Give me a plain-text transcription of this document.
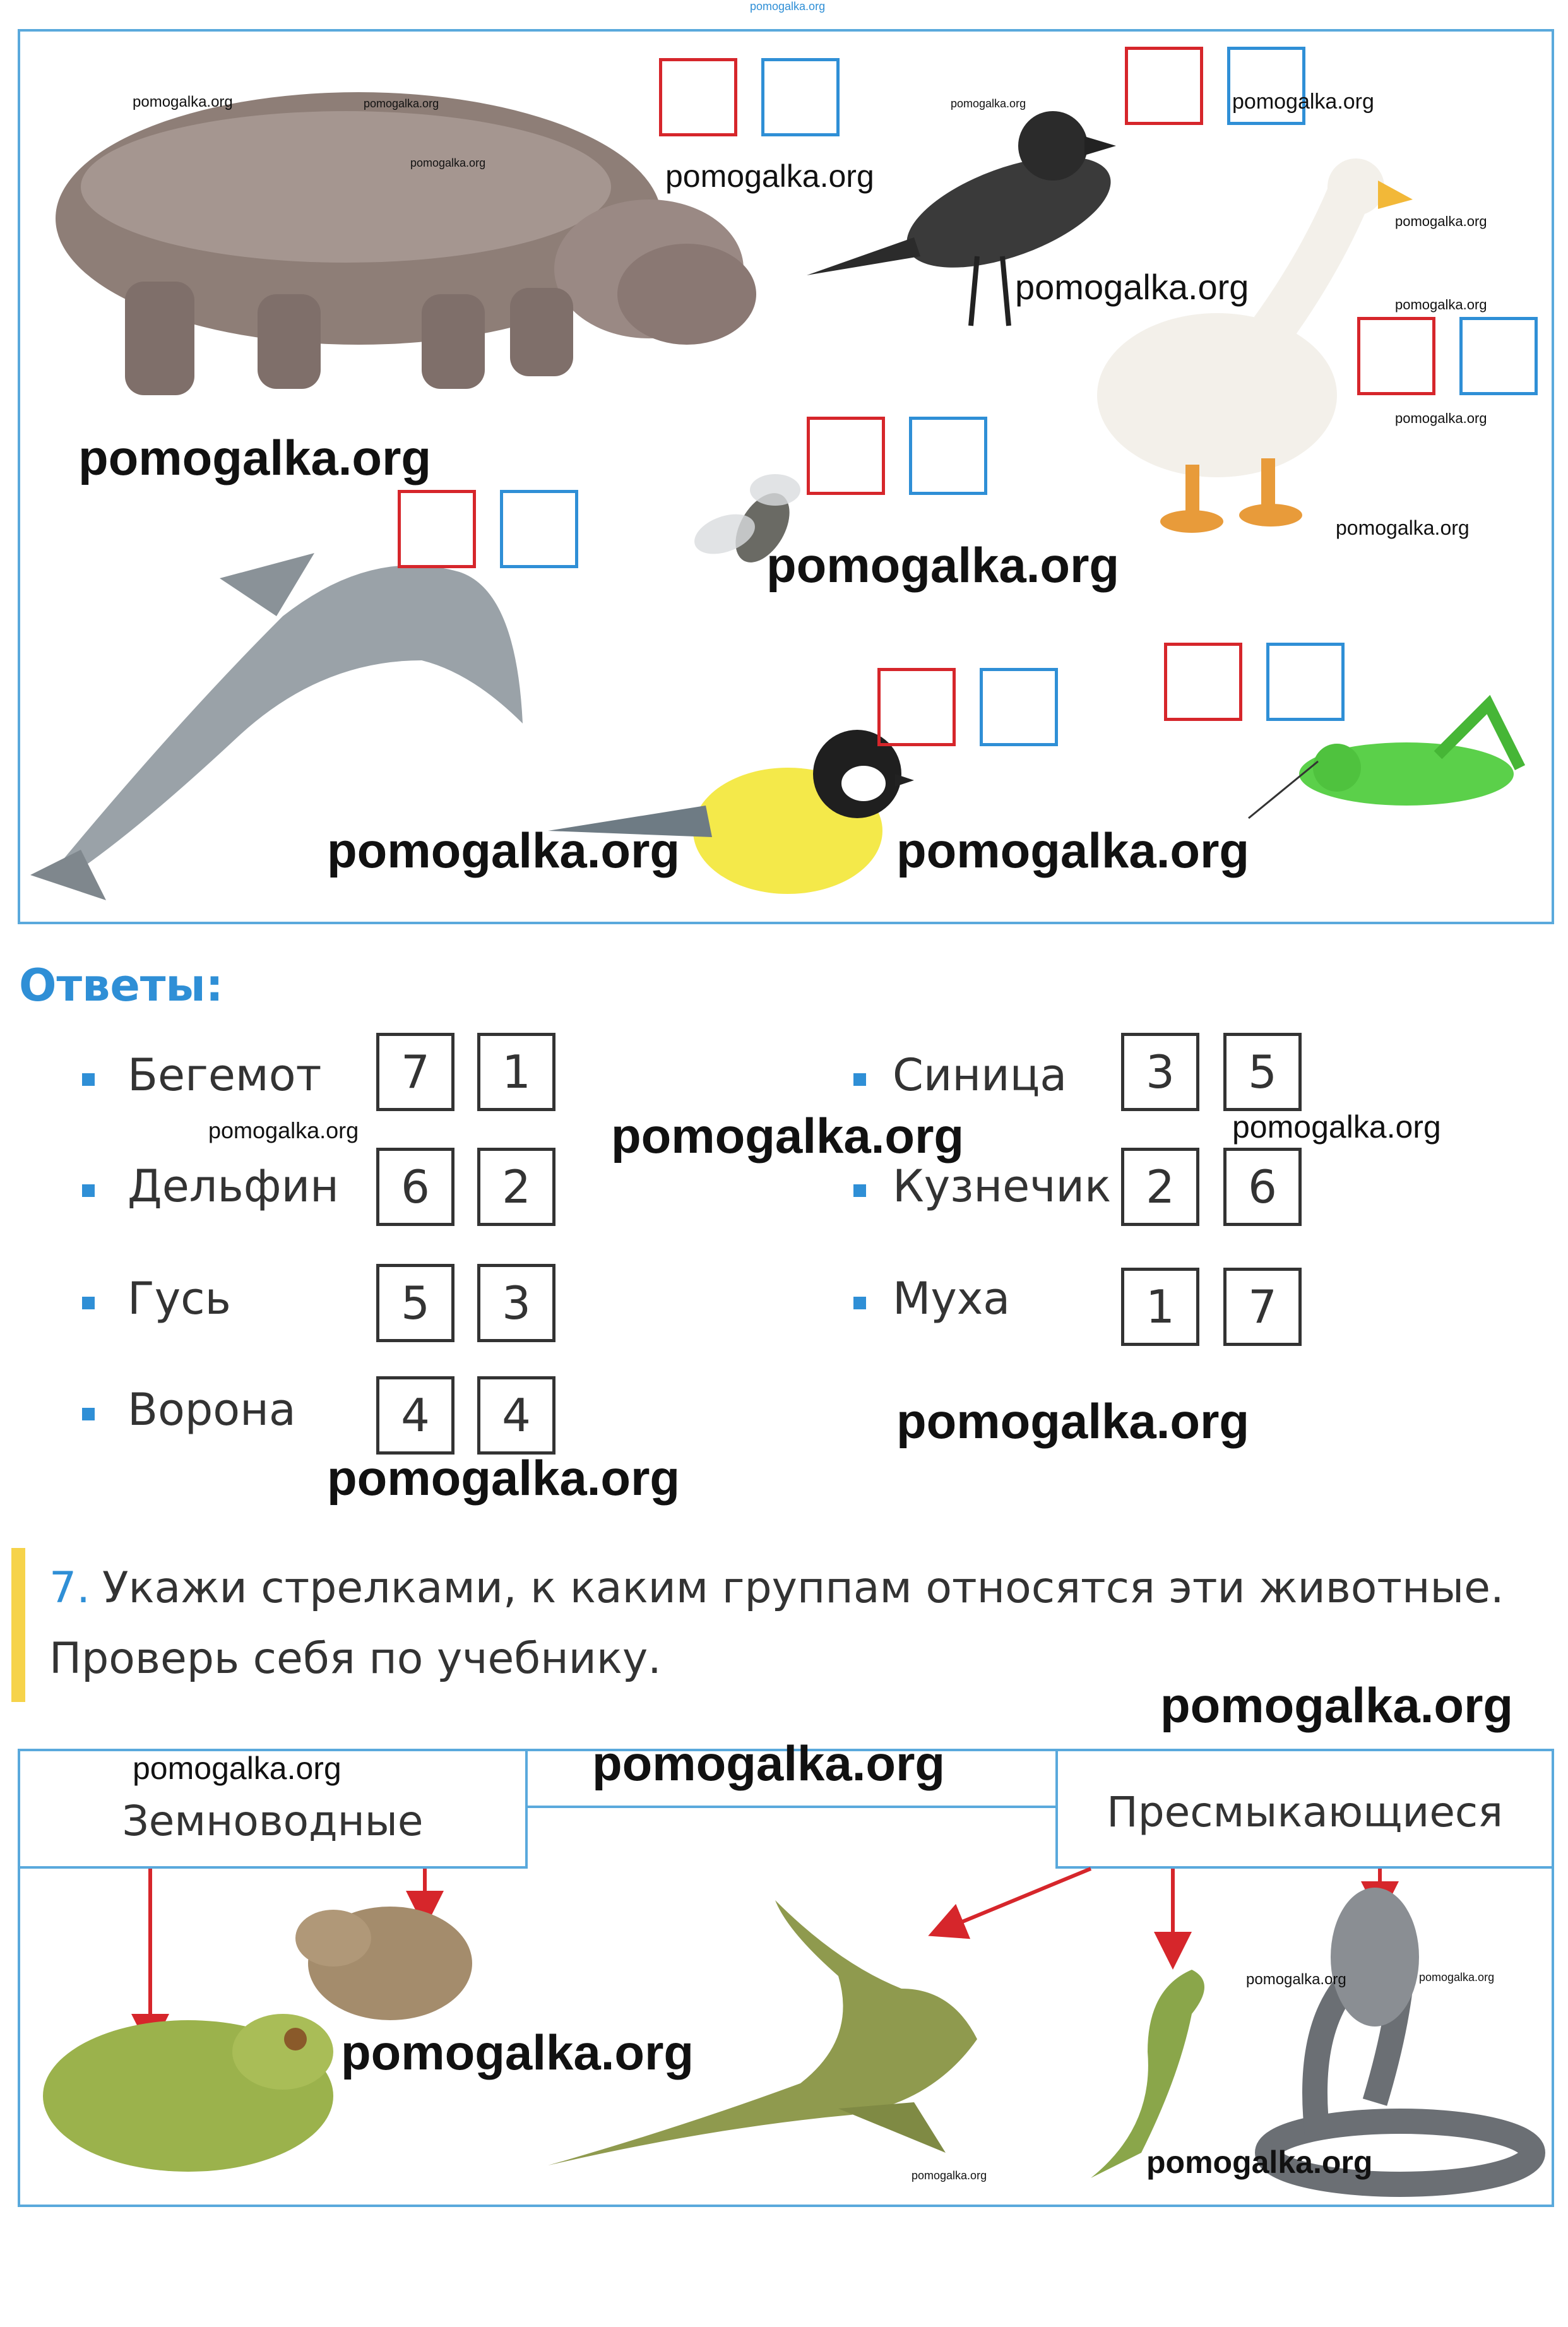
pomogalka.org
pomogalka.org	pomogalka.org
pomogalka.org	pomogalka.org
pomogalka.org	pomogalka.org
pomogalka.org
pomogalka.org	pomogalka.org
pomogalka.org
pomogalka.org
pomogalka.org
pomogalka.org
pomogalka.org	pomogalka.org
Ответы:
Бегемот	7	1
Дельфин	6	2
Гусь	5	3
Ворона	4	4
Синица	3	5
Кузнечик 2	6
Муха	1	7
pomogalka.org	pomogalka.org	pomogalka.org
pomogalka.org
pomogalka.org
7. Укажи стрелками, к каким группам относятся эти животные.
Проверь себя по учебнику.
Земноводные	Пресмыкающиеся
pomogalka.org
pomogalka.org	pomogalka.org
pomogalka.org
pomogalka.org	pomogalka.org
pomogalka.org	pomogalka.org
